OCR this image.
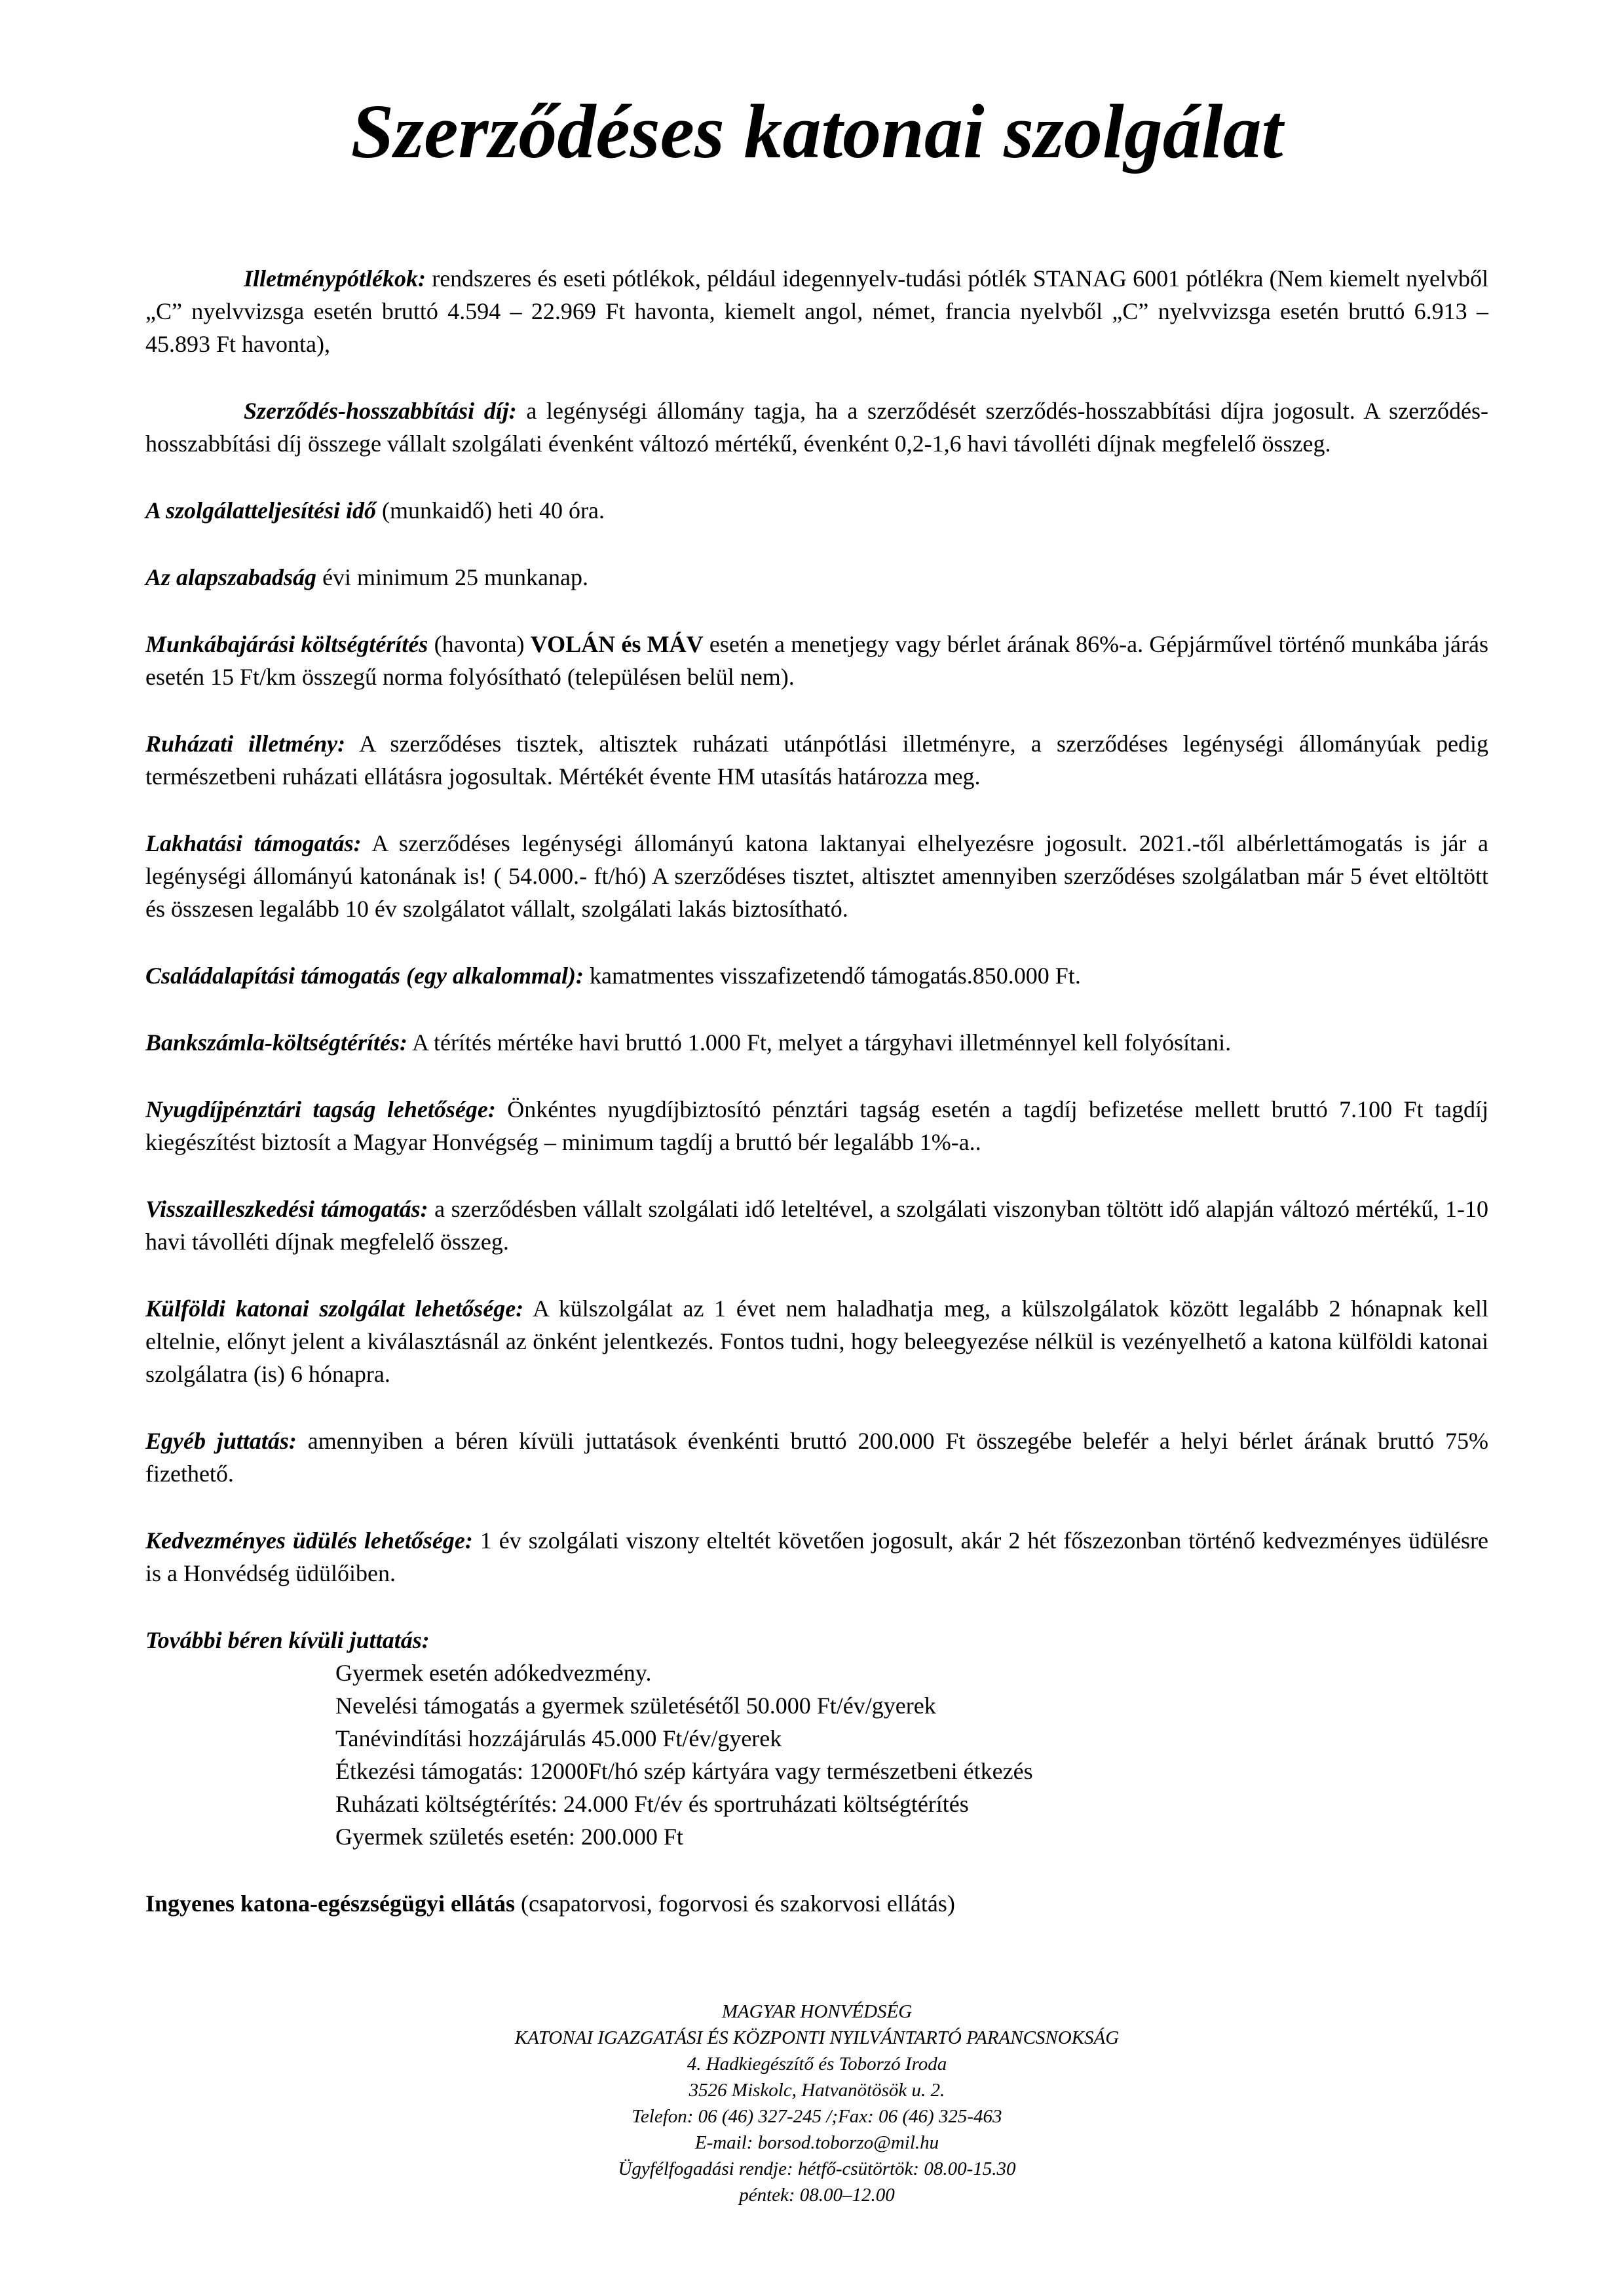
Szerződéses katonai szolgálat

Illetménypótlékok: rendszeres és eseti pótlékok, például idegennyelv-tudási pótlék STANAG 6001 pótlékra (Nem kiemelt nyelvből „C” nyelvvizsga esetén bruttó 4.594 – 22.969 Ft havonta, kiemelt angol, német, francia nyelvből „C” nyelvvizsga esetén bruttó 6.913 – 45.893 Ft havonta),

Szerződés-hosszabbítási díj: a legénységi állomány tagja, ha a szerződését szerződés-hosszabbítási díjra jogosult. A szerződés-hosszabbítási díj összege vállalt szolgálati évenként változó mértékű, évenként 0,2-1,6 havi távolléti díjnak megfelelő összeg.

A szolgálatteljesítési idő (munkaidő) heti 40 óra.

Az alapszabadság évi minimum 25 munkanap.

Munkábajárási költségtérítés (havonta) VOLÁN és MÁV esetén a menetjegy vagy bérlet árának 86%-a. Gépjárművel történő munkába járás esetén 15 Ft/km összegű norma folyósítható (településen belül nem).

Ruházati illetmény: A szerződéses tisztek, altisztek ruházati utánpótlási illetményre, a szerződéses legénységi állományúak pedig természetbeni ruházati ellátásra jogosultak. Mértékét évente HM utasítás határozza meg.

Lakhatási támogatás: A szerződéses legénységi állományú katona laktanyai elhelyezésre jogosult. 2021.-től albérlettámogatás is jár a legénységi állományú katonának is! ( 54.000.- ft/hó) A szerződéses tisztet, altisztet amennyiben szerződéses szolgálatban már 5 évet eltöltött és összesen legalább 10 év szolgálatot vállalt, szolgálati lakás biztosítható.

Családalapítási támogatás (egy alkalommal): kamatmentes visszafizetendő támogatás.850.000 Ft.

Bankszámla-költségtérítés: A térítés mértéke havi bruttó 1.000 Ft, melyet a tárgyhavi illetménnyel kell folyósítani.

Nyugdíjpénztári tagság lehetősége: Önkéntes nyugdíjbiztosító pénztári tagság esetén a tagdíj befizetése mellett bruttó 7.100 Ft tagdíj kiegészítést biztosít a Magyar Honvégség – minimum tagdíj a bruttó bér legalább 1%-a..

Visszailleszkedési támogatás: a szerződésben vállalt szolgálati idő leteltével, a szolgálati viszonyban töltött idő alapján változó mértékű, 1-10 havi távolléti díjnak megfelelő összeg.

Külföldi katonai szolgálat lehetősége: A külszolgálat az 1 évet nem haladhatja meg, a külszolgálatok között legalább 2 hónapnak kell eltelnie, előnyt jelent a kiválasztásnál az önként jelentkezés. Fontos tudni, hogy beleegyezése nélkül is vezényelhető a katona külföldi katonai szolgálatra (is) 6 hónapra.

Egyéb juttatás: amennyiben a béren kívüli juttatások évenkénti bruttó 200.000 Ft összegébe belefér a helyi bérlet árának bruttó 75% fizethető.

Kedvezményes üdülés lehetősége: 1 év szolgálati viszony elteltét követően jogosult, akár 2 hét főszezonban történő kedvezményes üdülésre is a Honvédség üdülőiben.

További béren kívüli juttatás:

Gyermek esetén adókedvezmény.
Nevelési támogatás a gyermek születésétől 50.000 Ft/év/gyerek
Tanévindítási hozzájárulás 45.000 Ft/év/gyerek
Étkezési támogatás: 12000Ft/hó szép kártyára vagy természetbeni étkezés
Ruházati költségtérítés: 24.000 Ft/év és sportruházati költségtérítés
Gyermek születés esetén: 200.000 Ft

Ingyenes katona-egészségügyi ellátás (csapatorvosi, fogorvosi és szakorvosi ellátás)

MAGYAR HONVÉDSÉG
KATONAI IGAZGATÁSI ÉS KÖZPONTI NYILVÁNTARTÓ PARANCSNOKSÁG
4. Hadkiegészítő és Toborzó Iroda
3526 Miskolc, Hatvanötösök u. 2.
Telefon: 06 (46) 327-245 /;Fax: 06 (46) 325-463
E-mail: borsod.toborzo@mil.hu
Ügyfélfogadási rendje: hétfő-csütörtök: 08.00-15.30
péntek: 08.00–12.00
